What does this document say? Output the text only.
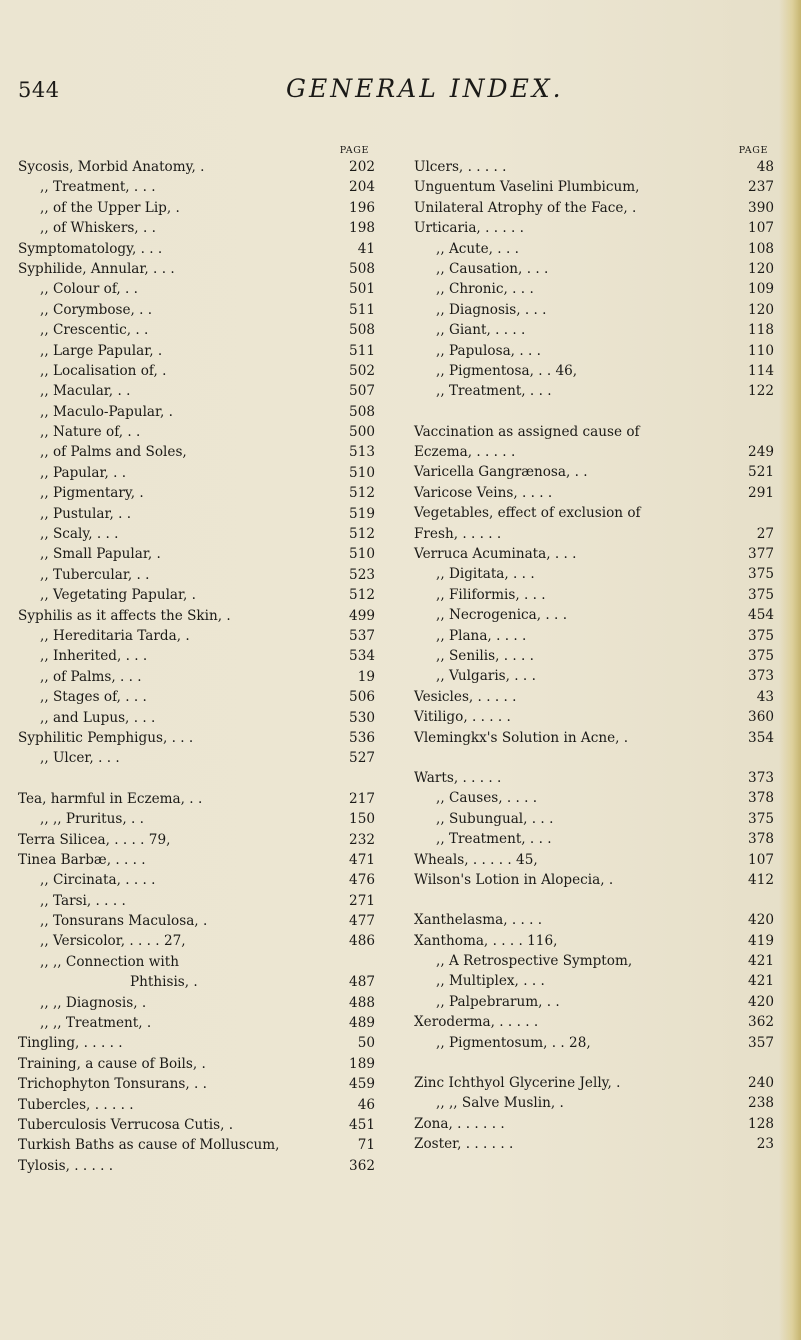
544	GENERAL INDEX.
PAGE
Sycosis, Morbid Anatomy, .	202
,, Treatment, . . .	204
,, of the Upper Lip, .	196
,, of Whiskers, . .	198
Symptomatology, . . .	41
Syphilide, Annular, . . .	508
,, Colour of, . .	501
,, Corymbose, . .	511
,, Crescentic, . .	508
,, Large Papular, .	511
,, Localisation of, .	502
,, Macular, . .	507
,, Maculo-Papular, .	508
,, Nature of, . .	500
,, of Palms and Soles,	513
,, Papular, . .	510
,, Pigmentary, .	512
,, Pustular, . .	519
,, Scaly, . . .	512
,, Small Papular, .	510
,, Tubercular, . .	523
,, Vegetating Papular, .	512
Syphilis as it affects the Skin, .	499
,, Hereditaria Tarda, .	537
,, Inherited, . . .	534
,, of Palms, . . .	19
,, Stages of, . . .	506
,, and Lupus, . . .	530
Syphilitic Pemphigus, . . .	536
,, Ulcer, . . .	527
Tea, harmful in Eczema, . .	217
,, ,, Pruritus, . .	150
Terra Silicea, . . . . 79,	232
Tinea Barbæ, . . . .	471
,, Circinata, . . . .	476
,, Tarsi, . . . .	271
,, Tonsurans Maculosa, .	477
,, Versicolor, . . . . 27,	486
,, ,, Connection with
Phthisis, .	487
,, ,, Diagnosis, .	488
,, ,, Treatment, .	489
Tingling, . . . . .	50
Training, a cause of Boils, .	189
Trichophyton Tonsurans, . .	459
Tubercles, . . . . .	46
Tuberculosis Verrucosa Cutis, .	451
Turkish Baths as cause of Molluscum,	71
Tylosis, . . . . .	362
PAGE
Ulcers, . . . . .	48
Unguentum Vaselini Plumbicum,	237
Unilateral Atrophy of the Face, .	390
Urticaria, . . . . .	107
,, Acute, . . .	108
,, Causation, . . .	120
,, Chronic, . . .	109
,, Diagnosis, . . .	120
,, Giant, . . . .	118
,, Papulosa, . . .	110
,, Pigmentosa, . . 46,	114
,, Treatment, . . .	122
Vaccination as assigned cause of
Eczema, . . . . .	249
Varicella Gangrænosa, . .	521
Varicose Veins, . . . .	291
Vegetables, effect of exclusion of
Fresh, . . . . .	27
Verruca Acuminata, . . .	377
,, Digitata, . . .	375
,, Filiformis, . . .	375
,, Necrogenica, . . .	454
,, Plana, . . . .	375
,, Senilis, . . . .	375
,, Vulgaris, . . .	373
Vesicles, . . . . .	43
Vitiligo, . . . . .	360
Vlemingkx's Solution in Acne, .	354
Warts, . . . . .	373
,, Causes, . . . .	378
,, Subungual, . . .	375
,, Treatment, . . .	378
Wheals, . . . . . 45,	107
Wilson's Lotion in Alopecia, .	412
Xanthelasma, . . . .	420
Xanthoma, . . . . 116,	419
,, A Retrospective Symptom,	421
,, Multiplex, . . .	421
,, Palpebrarum, . .	420
Xeroderma, . . . . .	362
,, Pigmentosum, . . 28,	357
Zinc Ichthyol Glycerine Jelly, .	240
,, ,, Salve Muslin, .	238
Zona, . . . . . .	128
Zoster, . . . . . .	23
